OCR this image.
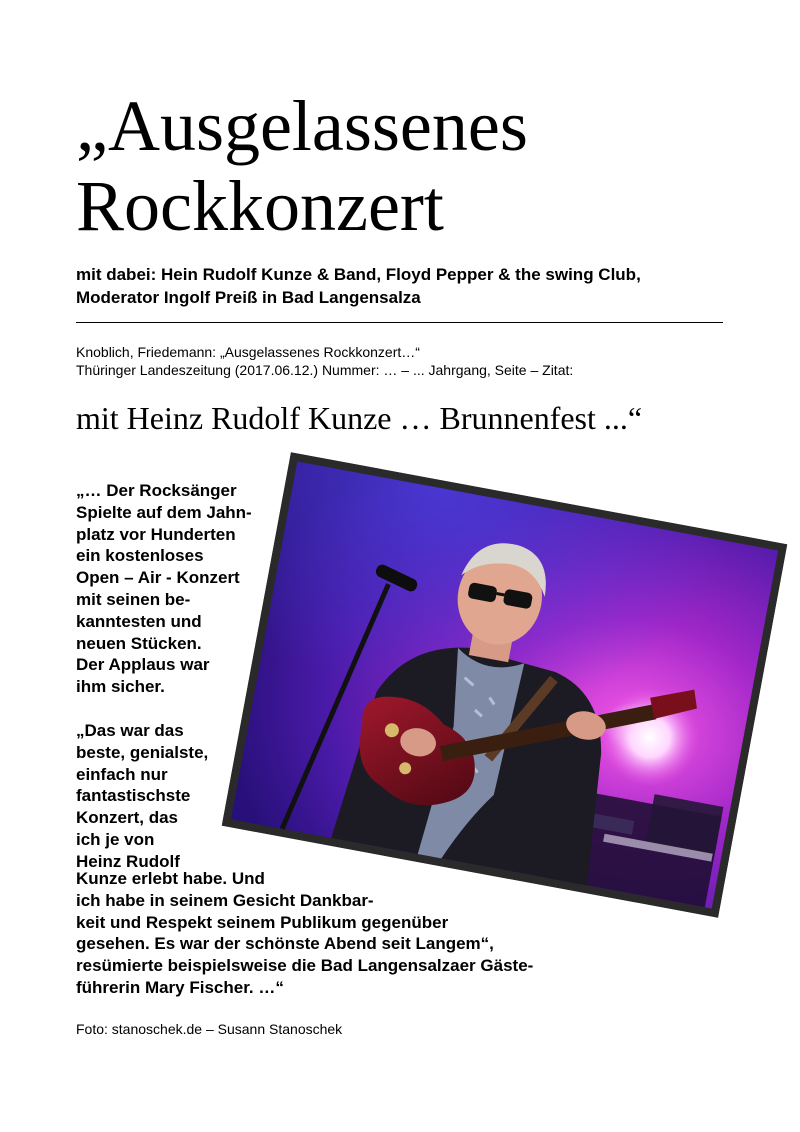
„Ausgelassenes
Rockkonzert
mit dabei: Hein Rudolf Kunze & Band, Floyd Pepper & the swing Club,
Moderator Ingolf Preiß in Bad Langensalza
Knoblich, Friedemann: „Ausgelassenes Rockkonzert…“
Thüringer Landeszeitung (2017.06.12.) Nummer: … – ... Jahrgang, Seite – Zitat:
mit Heinz Rudolf Kunze … Brunnenfest ...“

„… Der Rocksänger

Spielte auf dem Jahn-

platz vor Hunderten

ein kostenloses

Open – Air - Konzert

mit seinen be-

kanntesten und

neuen Stücken.

Der Applaus war

ihm sicher.

„Das war das

beste, genialste,

einfach nur

fantastischste

Konzert, das

ich je von

Heinz Rudolf

Kunze erlebt habe. Und
ich habe in seinem Gesicht Dankbar-
keit und Respekt seinem Publikum gegenüber
gesehen. Es war der schönste Abend seit Langem“,
resümierte beispielsweise die Bad Langensalzaer Gäste-
führerin Mary Fischer. …“
Foto: stanoschek.de – Susann Stanoschek
